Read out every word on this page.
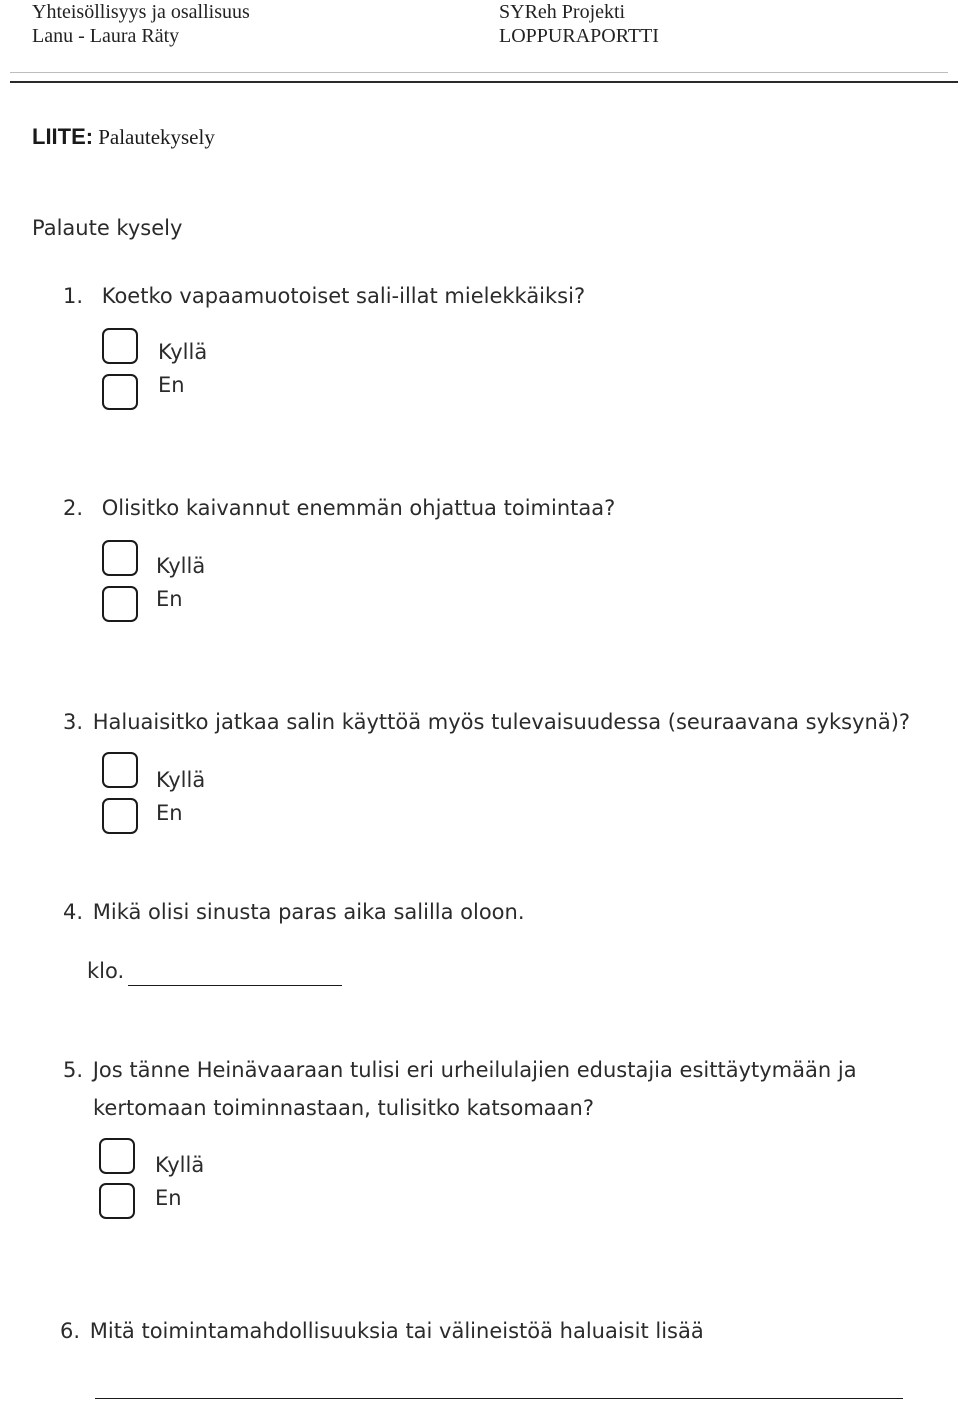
Yhteisöllisyys ja osallisuus
Lanu - Laura Räty
SYReh Projekti
LOPPURAPORTTI
LIITE: Palautekysely
Palaute kysely
1. Koetko vapaamuotoiset sali-illat mielekkäiksi?
Kyllä
En
2. Olisitko kaivannut enemmän ohjattua toimintaa?
Kyllä
En
3. Haluaisitko jatkaa salin käyttöä myös tulevaisuudessa (seuraavana syksynä)?
Kyllä
En
4. Mikä olisi sinusta paras aika salilla oloon.
klo.
5. Jos tänne Heinävaaraan tulisi eri urheilulajien edustajia esittäytymään ja
kertomaan toiminnastaan, tulisitko katsomaan?
Kyllä
En
6. Mitä toimintamahdollisuuksia tai välineistöä haluaisit lisää
